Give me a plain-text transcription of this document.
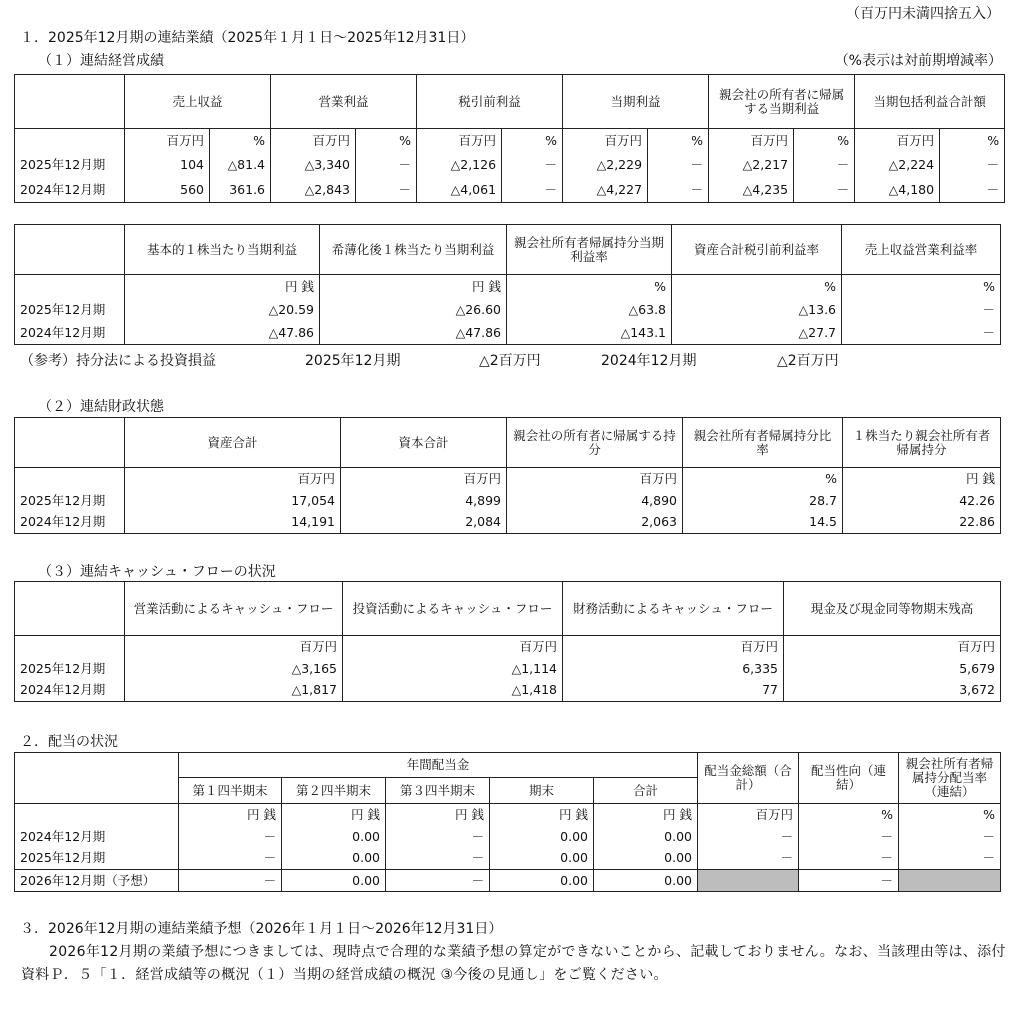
（百万円未満四捨五入）
１．2025年12月期の連結業績（2025年１月１日～2025年12月31日）
（１）連結経営成績	（%表示は対前期増減率）
	売上収益		営業利益		税引前利益		当期利益		親会社の所有者に帰属する当期利益		当期包括利益合計額	
	百万円	%	百万円	%	百万円	%	百万円	%	百万円	%	百万円	%
2025年12月期	104	△81.4	△3,340	－	△2,126	－	△2,229	－	△2,217	－	△2,224	－
2024年12月期	560	361.6	△2,843	－	△4,061	－	△4,227	－	△4,235	－	△4,180	－
	基本的１株当たり当期利益	希薄化後１株当たり当期利益	親会社所有者帰属持分当期利益率	資産合計税引前利益率	売上収益営業利益率
	円 銭	円 銭	%	%	%
2025年12月期	△20.59	△26.60	△63.8	△13.6	－
2024年12月期	△47.86	△47.86	△143.1	△27.7	－
（参考）持分法による投資損益	2025年12月期	△2百万円	2024年12月期	△2百万円
（２）連結財政状態
	資産合計	資本合計	親会社の所有者に帰属する持分	親会社所有者帰属持分比率	１株当たり親会社所有者帰属持分
	百万円	百万円	百万円	%	円 銭
2025年12月期	17,054	4,899	4,890	28.7	42.26
2024年12月期	14,191	2,084	2,063	14.5	22.86
（３）連結キャッシュ・フローの状況
	営業活動によるキャッシュ・フロー	投資活動によるキャッシュ・フロー	財務活動によるキャッシュ・フロー	現金及び現金同等物期末残高
	百万円	百万円	百万円	百万円
2025年12月期	△3,165	△1,114	6,335	5,679
2024年12月期	△1,817	△1,418	77	3,672
２．配当の状況
	年間配当金					配当金総額（合計）	配当性向（連結）	親会社所有者帰属持分配当率（連結）
	第１四半期末	第２四半期末	第３四半期末	期末	合計			
	円 銭	円 銭	円 銭	円 銭	円 銭	百万円	%	%
2024年12月期	－	0.00	－	0.00	0.00	－	－	－
2025年12月期	－	0.00	－	0.00	0.00	－	－	－
2026年12月期（予想）	－	0.00	－	0.00	0.00		－	
３．2026年12月期の連結業績予想（2026年１月１日～2026年12月31日）
2026年12月期の業績予想につきましては、現時点で合理的な業績予想の算定ができないことから、記載しておりません。なお、当該理由等は、添付資料Ｐ．５「１．経営成績等の概況（１）当期の経営成績の概況 ③今後の見通し」をご覧ください。
